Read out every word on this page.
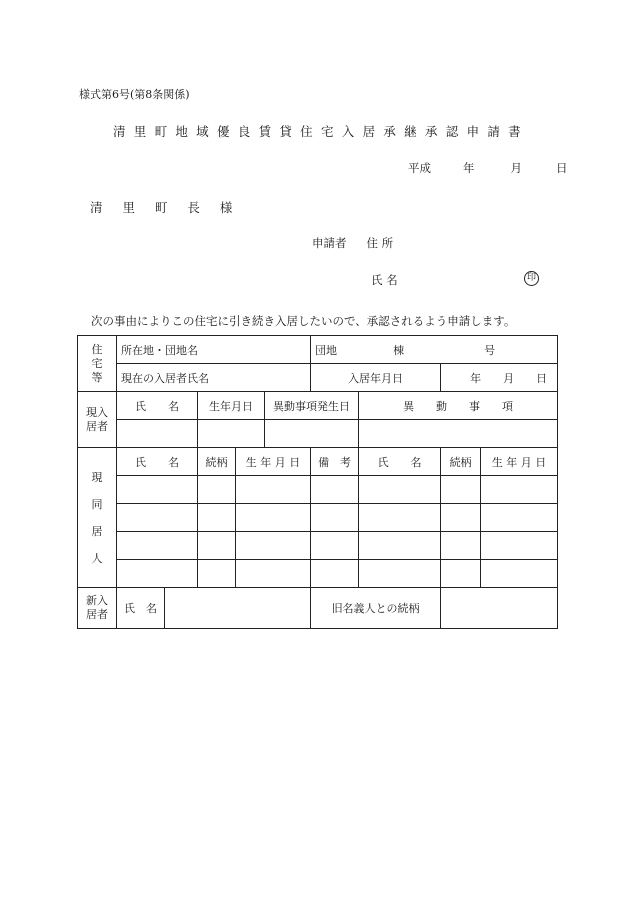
様式第6号(第8条関係)
清里町地域優良賃貸住宅入居承継承認申請書
平成	年	月	日
清 里 町 長 様
申請者 住 所
氏 名	印
次の事由によりこの住宅に引き続き入居したいので、承認されるよう申請します。
住宅等	所在地・団地名					団地 棟 号			
	現在の入居者氏名					入居年月日		年 月 日	
現入居者	氏　　名		生年月日		異動事項発生日		異　　動　　事　　項		

現同居人	氏　　名		続柄	生 年 月 日		備　考	氏　　名	続柄	生 年 月 日

新入居者	氏　名					旧名義人との続柄			
